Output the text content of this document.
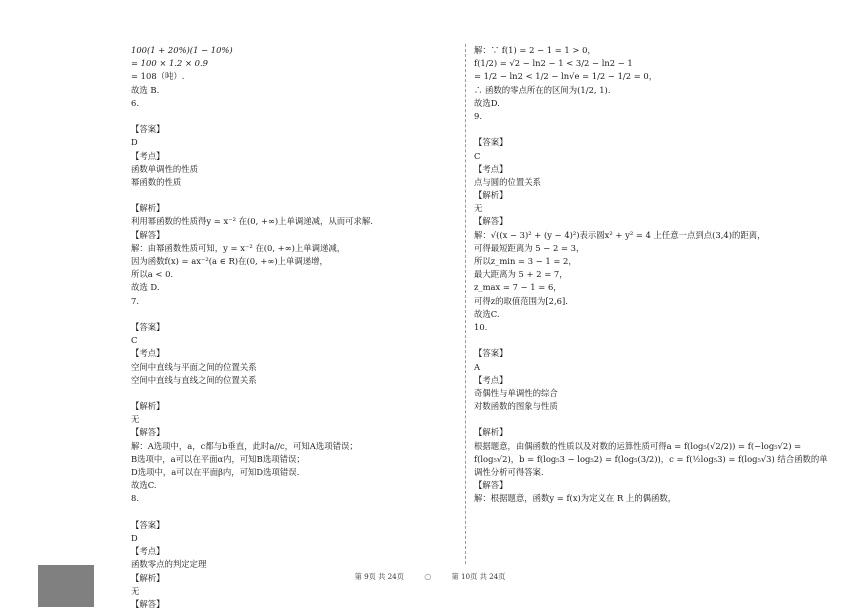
100(1 + 20%)(1 − 10%)
= 100 × 1.2 × 0.9
= 108（吨）.
故选 B.
6.
【答案】
D
【考点】
函数单调性的性质
幂函数的性质
【解析】
利用幂函数的性质得y = x⁻² 在(0, +∞)上单调递减，从而可求解.
【解答】
解：由幂函数性质可知，y = x⁻² 在(0, +∞)上单调递减，
因为函数f(x) = ax⁻²(a ∈ R)在(0, +∞)上单调递增，
所以a < 0.
故选 D.
7.
【答案】
C
【考点】
空间中直线与平面之间的位置关系
空间中直线与直线之间的位置关系
【解析】
无
【解答】
解：A选项中，a，c都与b垂直，此时a//c，可知A选项错误；
B选项中，a可以在平面α内，可知B选项错误；
D选项中，a可以在平面β内，可知D选项错误.
故选C.
8.
【答案】
D
【考点】
函数零点的判定定理
【解析】
无
【解答】
解：∵ f(1) = 2 − 1 = 1 > 0，
f(1/2) = √2 − ln2 − 1 < 3/2 − ln2 − 1
= 1/2 − ln2 < 1/2 − ln√e = 1/2 − 1/2 = 0，
∴ 函数的零点所在的区间为(1/2, 1).
故选D.
9.
【答案】
C
【考点】
点与圆的位置关系
【解析】
无
【解答】
解：√((x − 3)² + (y − 4)²)表示圆x² + y² = 4 上任意一点到点(3,4)的距离，
可得最短距离为 5 − 2 = 3，
所以z_min = 3 − 1 = 2，
最大距离为 5 + 2 = 7，
z_max = 7 − 1 = 6，
可得z的取值范围为[2,6].
故选C.
10.
【答案】
A
【考点】
奇偶性与单调性的综合
对数函数的图象与性质
【解析】
根据题意，由偶函数的性质以及对数的运算性质可得a = f(log₅(√2/2)) = f(−log₅√2) =
f(log₅√2)，b = f(log₅3 − log₅2) = f(log₅(3/2))，c = f(½log₅3) = f(log₅√3) 结合函数的单
调性分析可得答案.
【解答】
解：根据题意，函数y = f(x)为定义在 R 上的偶函数，
第 9页 共 24页	○	第 10页 共 24页
